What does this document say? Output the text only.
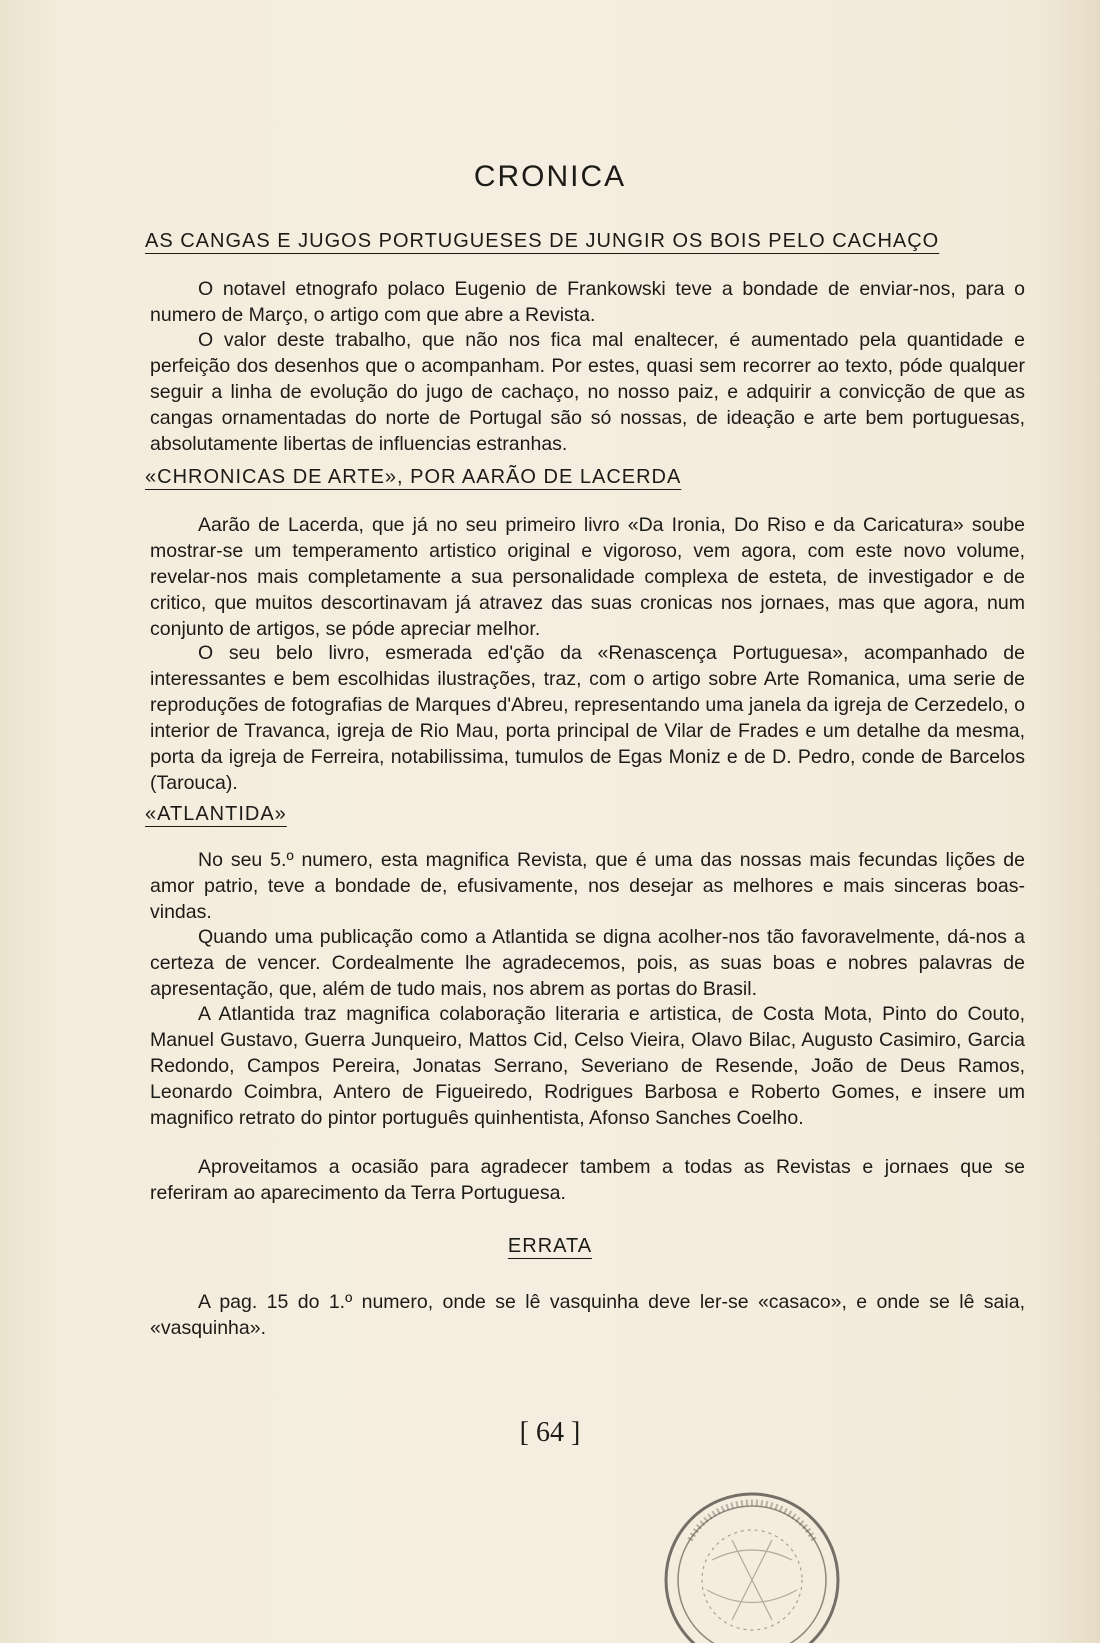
CRONICA
AS CANGAS E JUGOS PORTUGUESES DE JUNGIR OS BOIS PELO CACHAÇO
O notavel etnografo polaco Eugenio de Frankowski teve a bondade de enviar-nos, para o numero de Março, o artigo com que abre a Revista.
O valor deste trabalho, que não nos fica mal enaltecer, é aumentado pela quantidade e perfeição dos desenhos que o acompanham. Por estes, quasi sem recorrer ao texto, póde qualquer seguir a linha de evolução do jugo de cachaço, no nosso paiz, e adquirir a convicção de que as cangas ornamentadas do norte de Portugal são só nossas, de ideação e arte bem portuguesas, absolutamente libertas de influencias estranhas.
«CHRONICAS DE ARTE», POR AARÃO DE LACERDA
Aarão de Lacerda, que já no seu primeiro livro «Da Ironia, Do Riso e da Caricatura» soube mostrar-se um temperamento artistico original e vigoroso, vem agora, com este novo volume, revelar-nos mais completamente a sua personalidade complexa de esteta, de investigador e de critico, que muitos descortinavam já atravez das suas cronicas nos jornaes, mas que agora, num conjunto de artigos, se póde apreciar melhor.
O seu belo livro, esmerada ed'ção da «Renascença Portuguesa», acompanhado de interessantes e bem escolhidas ilustrações, traz, com o artigo sobre Arte Romanica, uma serie de reproduções de fotografias de Marques d'Abreu, representando uma janela da igreja de Cerzedelo, o interior de Travanca, igreja de Rio Mau, porta principal de Vilar de Frades e um detalhe da mesma, porta da igreja de Ferreira, notabilissima, tumulos de Egas Moniz e de D. Pedro, conde de Barcelos (Tarouca).
«ATLANTIDA»
No seu 5.º numero, esta magnifica Revista, que é uma das nossas mais fecundas lições de amor patrio, teve a bondade de, efusivamente, nos desejar as melhores e mais sinceras boas-vindas.
Quando uma publicação como a Atlantida se digna acolher-nos tão favoravelmente, dá-nos a certeza de vencer. Cordealmente lhe agradecemos, pois, as suas boas e nobres palavras de apresentação, que, além de tudo mais, nos abrem as portas do Brasil.
A Atlantida traz magnifica colaboração literaria e artistica, de Costa Mota, Pinto do Couto, Manuel Gustavo, Guerra Junqueiro, Mattos Cid, Celso Vieira, Olavo Bilac, Augusto Casimiro, Garcia Redondo, Campos Pereira, Jonatas Serrano, Severiano de Resende, João de Deus Ramos, Leonardo Coimbra, Antero de Figueiredo, Rodrigues Barbosa e Roberto Gomes, e insere um magnifico retrato do pintor português quinhentista, Afonso Sanches Coelho.
Aproveitamos a ocasião para agradecer tambem a todas as Revistas e jornaes que se referiram ao aparecimento da Terra Portuguesa.
ERRATA
A pag. 15 do 1.º numero, onde se lê vasquinha deve ler-se «casaco», e onde se lê saia, «vasquinha».
[ 64 ]
